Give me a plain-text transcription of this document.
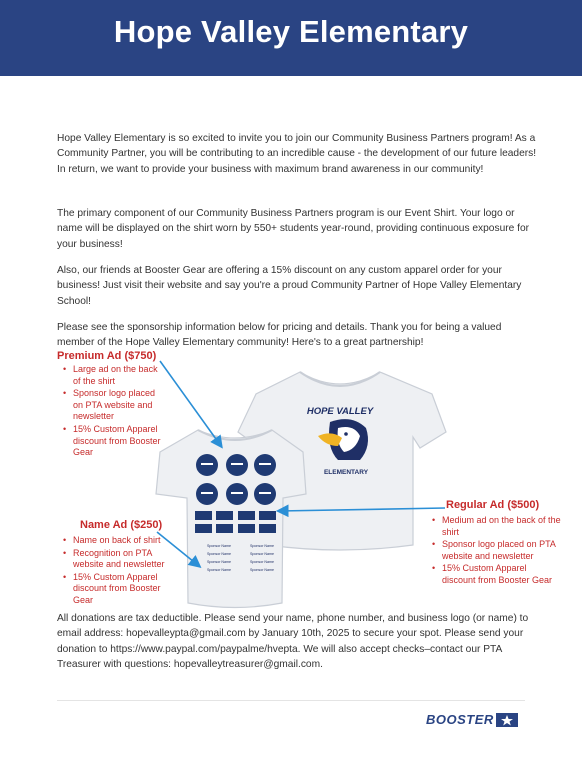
Hope Valley Elementary

Hope Valley Elementary is so excited to invite you to join our Community Business Partners program! As a Community Partner, you will be contributing to an incredible cause - the development of our future leaders! In return, we want to provide your business with maximum brand awareness in our community!

The primary component of our Community Business Partners program is our Event Shirt. Your logo or name will be displayed on the shirt worn by 550+ students year-round, providing continuous exposure for your business!

Also, our friends at Booster Gear are offering a 15% discount on any custom apparel order for your business! Just visit their website and say you're a proud Community Partner of Hope Valley Elementary School!

Please see the sponsorship information below for pricing and details. Thank you for being a valued member of the Hope Valley Elementary community! Here's to a great partnership!

HOPE VALLEY
ELEMENTARY
Sponsor Name	Sponsor Name
Sponsor Name	Sponsor Name
Sponsor Name	Sponsor Name
Sponsor Name	Sponsor Name

Premium Ad ($750)

• Large ad on the back of the shirt
• Sponsor logo placed on PTA website and newsletter
• 15% Custom Apparel discount from Booster Gear

Regular Ad ($500)

• Medium ad on the back of the shirt
• Sponsor logo placed on PTA website and newsletter
• 15% Custom Apparel discount from Booster Gear

Name Ad ($250)

• Name on back of shirt
• Recognition on PTA website and newsletter
• 15% Custom Apparel discount from Booster Gear

All donations are tax deductible. Please send your name, phone number, and business logo (or name) to email address: hopevalleypta@gmail.com by January 10th, 2025 to secure your spot. Please send your donation to https://www.paypal.com/paypalme/hvepta. We will also accept checks–contact our PTA Treasurer with questions: hopevalleytreasurer@gmail.com.

BOOSTER
